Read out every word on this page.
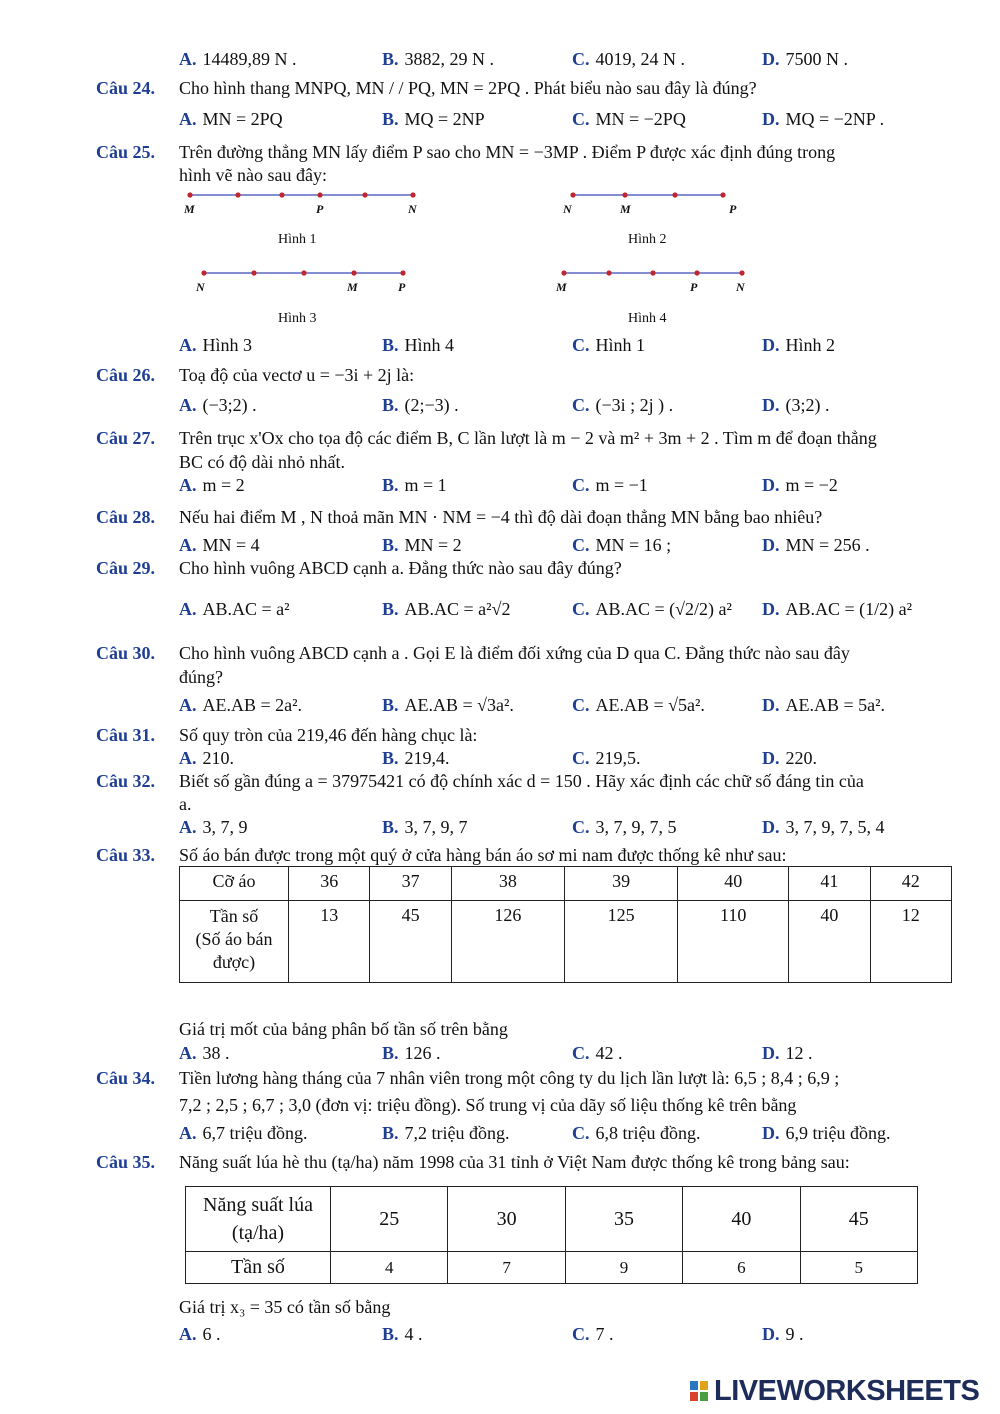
A. 14489,89 N .	B. 3882, 29 N .	C. 4019, 24 N .	D. 7500 N .
Câu 24. Cho hình thang MNPQ, MN / / PQ, MN = 2PQ . Phát biểu nào sau đây là đúng?
A. MN = 2PQ	B. MQ = 2NP	C. MN = −2PQ	D. MQ = −2NP .
Câu 25. Trên đường thẳng MN lấy điểm P sao cho MN = −3MP . Điểm P được xác định đúng trong
hình vẽ nào sau đây:
M	P	N
Hình 1
N	M	P
Hình 2
N	M	P
Hình 3
M	P	N
Hình 4
A. Hình 3	B. Hình 4	C. Hình 1	D. Hình 2
Câu 26. Toạ độ của vectơ u = −3i + 2j là:
A. (−3;2) .	B. (2;−3) .	C. (−3i ; 2j ) .	D. (3;2) .
Câu 27. Trên trục x'Ox cho tọa độ các điểm B, C lần lượt là m − 2 và m² + 3m + 2 . Tìm m để đoạn thẳng
BC có độ dài nhỏ nhất.
A. m = 2	B. m = 1	C. m = −1	D. m = −2
Câu 28. Nếu hai điểm M , N thoả mãn MN · NM = −4 thì độ dài đoạn thẳng MN bằng bao nhiêu?
A. MN = 4	B. MN = 2	C. MN = 16 ;	D. MN = 256 .
Câu 29. Cho hình vuông ABCD cạnh a. Đẳng thức nào sau đây đúng?
A. AB.AC = a²	B. AB.AC = a²√2	C. AB.AC = (√2/2) a² D. AB.AC = (1/2) a²
Câu 30. Cho hình vuông ABCD cạnh a . Gọi E là điểm đối xứng của D qua C. Đẳng thức nào sau đây
đúng?
A. AE.AB = 2a².	B. AE.AB = √3a².	C. AE.AB = √5a².	D. AE.AB = 5a².
Câu 31. Số quy tròn của 219,46 đến hàng chục là:
A. 210.	B. 219,4.	C. 219,5.	D. 220.
Câu 32. Biết số gần đúng a = 37975421 có độ chính xác d = 150 . Hãy xác định các chữ số đáng tin của
a.
A. 3, 7, 9	B. 3, 7, 9, 7	C. 3, 7, 9, 7, 5	D. 3, 7, 9, 7, 5, 4
Câu 33. Số áo bán được trong một quý ở cửa hàng bán áo sơ mi nam được thống kê như sau:
Cỡ áo	36	37	38	39	40	41	42

Tần số
(Số áo bán
được)	13	45	126	125	110	40	12
Giá trị mốt của bảng phân bố tần số trên bằng
A. 38 .	B. 126 .	C. 42 .	D. 12 .
Câu 34. Tiền lương hàng tháng của 7 nhân viên trong một công ty du lịch lần lượt là: 6,5 ; 8,4 ; 6,9 ;
7,2 ; 2,5 ; 6,7 ; 3,0 (đơn vị: triệu đồng). Số trung vị của dãy số liệu thống kê trên bằng
A. 6,7 triệu đồng.	B. 7,2 triệu đồng.	C. 6,8 triệu đồng.	D. 6,9 triệu đồng.
Câu 35. Năng suất lúa hè thu (tạ/ha) năm 1998 của 31 tỉnh ở Việt Nam được thống kê trong bảng sau:
Năng suất lúa
(tạ/ha)	25	30	35	40	45
Tần số	4	7	9	6	5
Giá trị x₃ = 35 có tần số bằng
A. 6 .	B. 4 .	C. 7 .	D. 9 .
LIVEWORKSHEETS
